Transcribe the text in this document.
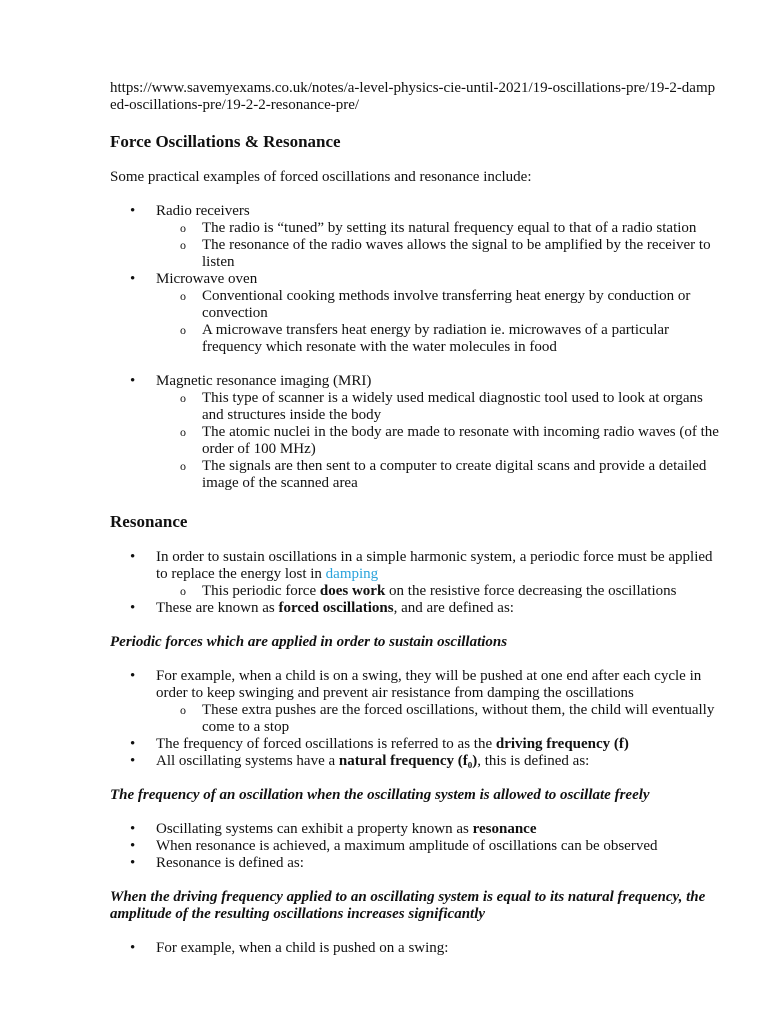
https://www.savemyexams.co.uk/notes/a-level-physics-cie-until-2021/19-oscillations-pre/19-2-damped-oscillations-pre/19-2-2-resonance-pre/

Force Oscillations & Resonance

Some practical examples of forced oscillations and resonance include:

• Radio receivers
o The radio is “tuned” by setting its natural frequency equal to that of a radio station
o The resonance of the radio waves allows the signal to be amplified by the receiver to listen
• Microwave oven
o Conventional cooking methods involve transferring heat energy by conduction or convection
o A microwave transfers heat energy by radiation ie. microwaves of a particular frequency which resonate with the water molecules in food
• Magnetic resonance imaging (MRI)
o This type of scanner is a widely used medical diagnostic tool used to look at organs and structures inside the body
o The atomic nuclei in the body are made to resonate with incoming radio waves (of the order of 100 MHz)
o The signals are then sent to a computer to create digital scans and provide a detailed image of the scanned area
Resonance
• In order to sustain oscillations in a simple harmonic system, a periodic force must be applied to replace the energy lost in damping
o This periodic force does work on the resistive force decreasing the oscillations
• These are known as forced oscillations, and are defined as:

Periodic forces which are applied in order to sustain oscillations

• For example, when a child is on a swing, they will be pushed at one end after each cycle in order to keep swinging and prevent air resistance from damping the oscillations
o These extra pushes are the forced oscillations, without them, the child will eventually come to a stop
• The frequency of forced oscillations is referred to as the driving frequency (f)
• All oscillating systems have a natural frequency (f₀), this is defined as:

The frequency of an oscillation when the oscillating system is allowed to oscillate freely

• Oscillating systems can exhibit a property known as resonance
• When resonance is achieved, a maximum amplitude of oscillations can be observed
• Resonance is defined as:

When the driving frequency applied to an oscillating system is equal to its natural frequency, the amplitude of the resulting oscillations increases significantly

• For example, when a child is pushed on a swing:
